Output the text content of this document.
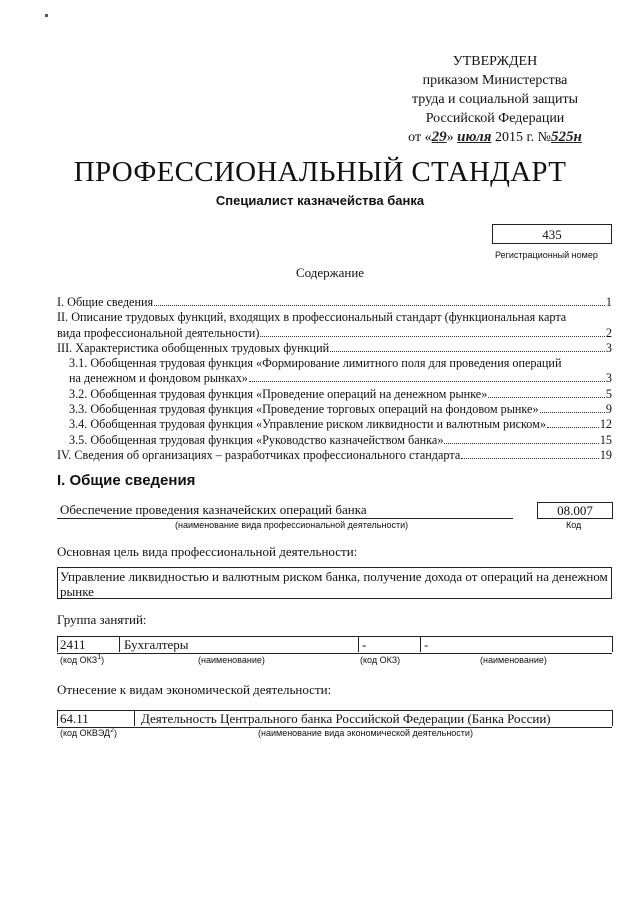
УТВЕРЖДЕН
приказом Министерства
труда и социальной защиты
Российской Федерации
от «29» июля 2015 г. №525н
ПРОФЕССИОНАЛЬНЫЙ СТАНДАРТ
Специалист казначейства банка
435
Регистрационный номер
Содержание
I. Общие сведения	1
II. Описание трудовых функций, входящих в профессиональный стандарт (функциональная карта
вида профессиональной деятельности)	2
III. Характеристика обобщенных трудовых функций	3
3.1. Обобщенная трудовая функция «Формирование лимитного поля для проведения операций
на денежном и фондовом рынках»	3
3.2. Обобщенная трудовая функция «Проведение операций на денежном рынке»	5
3.3. Обобщенная трудовая функция «Проведение торговых операций на фондовом рынке»	9
3.4. Обобщенная трудовая функция «Управление риском ликвидности и валютным риском»	12
3.5. Обобщенная трудовая функция «Руководство казначейством банка»	15
IV. Сведения об организациях – разработчиках профессионального стандарта	19
I. Общие сведения
Обеспечение проведения казначейских операций банка
(наименование вида профессиональной деятельности)
08.007
Код
Основная цель вида профессиональной деятельности:
Управление ликвидностью и валютным риском банка, получение дохода от операций на денежном рынке
Группа занятий:
2411	Бухгалтеры	-	-
(код ОКЗ$^1$)	(наименование)	(код ОКЗ)	(наименование)
Отнесение к видам экономической деятельности:
64.11	Деятельность Центрального банка Российской Федерации (Банка России)
(код ОКВЭД$^2$)	(наименование вида экономической деятельности)
